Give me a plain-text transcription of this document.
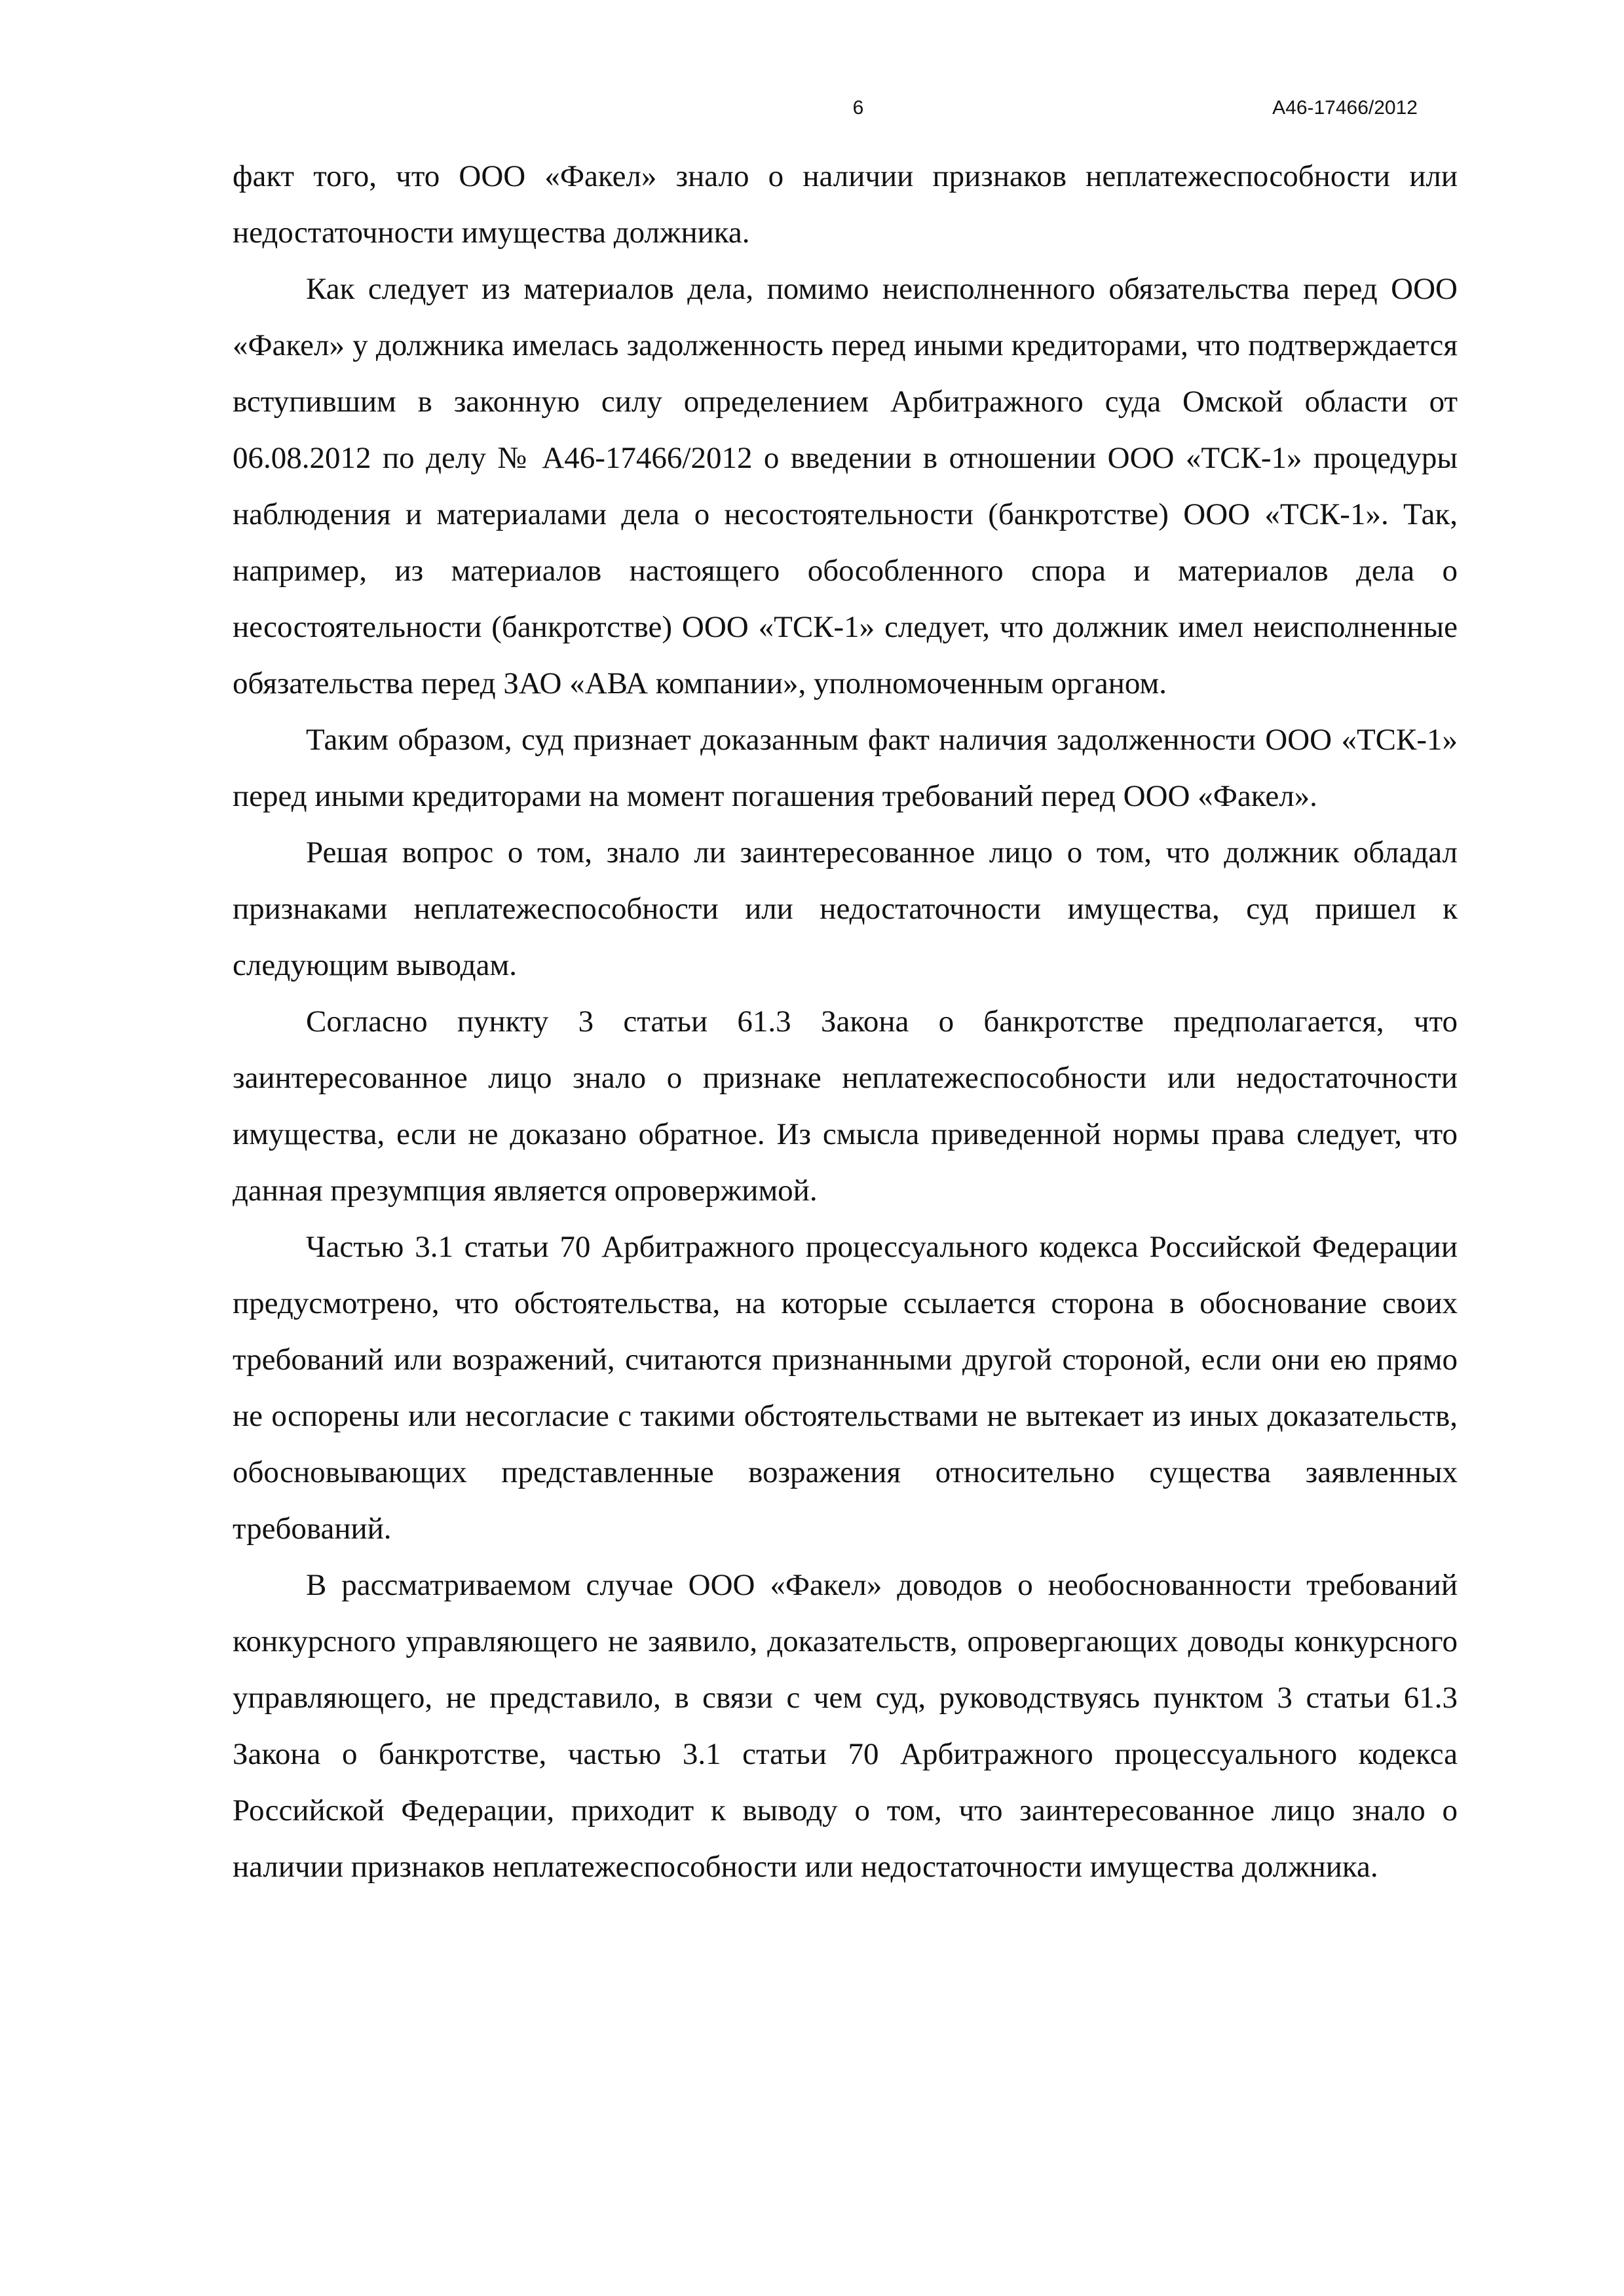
6	А46-17466/2012

факт того, что ООО «Факел» знало о наличии признаков неплатежеспособности или недостаточности имущества должника.

Как следует из материалов дела, помимо неисполненного обязательства перед ООО «Факел» у должника имелась задолженность перед иными кредиторами, что подтверждается вступившим в законную силу определением Арбитражного суда Омской области от 06.08.2012 по делу № А46-17466/2012 о введении в отношении ООО «ТСК-1» процедуры наблюдения и материалами дела о несостоятельности (банкротстве) ООО «ТСК-1». Так, например, из материалов настоящего обособленного спора и материалов дела о несостоятельности (банкротстве) ООО «ТСК-1» следует, что должник имел неисполненные обязательства перед ЗАО «АВА компании», уполномоченным органом.

Таким образом, суд признает доказанным факт наличия задолженности ООО «ТСК-1» перед иными кредиторами на момент погашения требований перед ООО «Факел».

Решая вопрос о том, знало ли заинтересованное лицо о том, что должник обладал признаками неплатежеспособности или недостаточности имущества, суд пришел к следующим выводам.

Согласно пункту 3 статьи 61.3 Закона о банкротстве предполагается, что заинтересованное лицо знало о признаке неплатежеспособности или недостаточности имущества, если не доказано обратное. Из смысла приведенной нормы права следует, что данная презумпция является опровержимой.

Частью 3.1 статьи 70 Арбитражного процессуального кодекса Российской Федерации предусмотрено, что обстоятельства, на которые ссылается сторона в обоснование своих требований или возражений, считаются признанными другой стороной, если они ею прямо не оспорены или несогласие с такими обстоятельствами не вытекает из иных доказательств, обосновывающих представленные возражения относительно существа заявленных требований.

В рассматриваемом случае ООО «Факел» доводов о необоснованности требований конкурсного управляющего не заявило, доказательств, опровергающих доводы конкурсного управляющего, не представило, в связи с чем суд, руководствуясь пунктом 3 статьи 61.3 Закона о банкротстве, частью 3.1 статьи 70 Арбитражного процессуального кодекса Российской Федерации, приходит к выводу о том, что заинтересованное лицо знало о наличии признаков неплатежеспособности или недостаточности имущества должника.
